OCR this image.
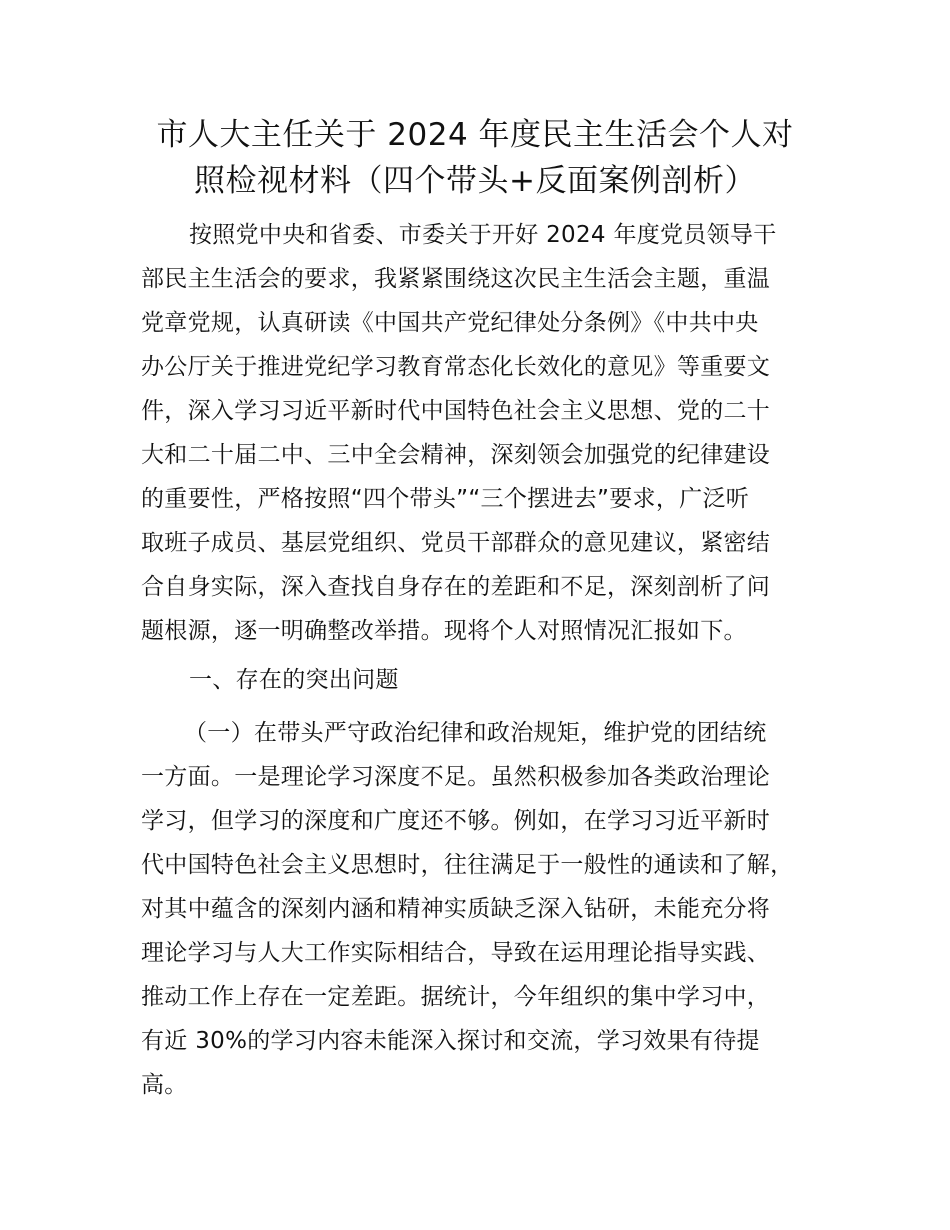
市人大主任关于 2024 年度民主生活会个人对
照检视材料（四个带头+反面案例剖析）
按照党中央和省委、市委关于开好 2024 年度党员领导干
部民主生活会的要求，我紧紧围绕这次民主生活会主题，重温
党章党规，认真研读《中国共产党纪律处分条例》《中共中央
办公厅关于推进党纪学习教育常态化长效化的意见》等重要文
件，深入学习习近平新时代中国特色社会主义思想、党的二十
大和二十届二中、三中全会精神，深刻领会加强党的纪律建设
的重要性，严格按照“四个带头”“三个摆进去”要求，广泛听
取班子成员、基层党组织、党员干部群众的意见建议，紧密结
合自身实际，深入查找自身存在的差距和不足，深刻剖析了问
题根源，逐一明确整改举措。现将个人对照情况汇报如下。
一、存在的突出问题
（一）在带头严守政治纪律和政治规矩，维护党的团结统
一方面。一是理论学习深度不足。虽然积极参加各类政治理论
学习，但学习的深度和广度还不够。例如，在学习习近平新时
代中国特色社会主义思想时，往往满足于一般性的通读和了解，
对其中蕴含的深刻内涵和精神实质缺乏深入钻研，未能充分将
理论学习与人大工作实际相结合，导致在运用理论指导实践、
推动工作上存在一定差距。据统计，今年组织的集中学习中，
有近 30%的学习内容未能深入探讨和交流，学习效果有待提
高。
